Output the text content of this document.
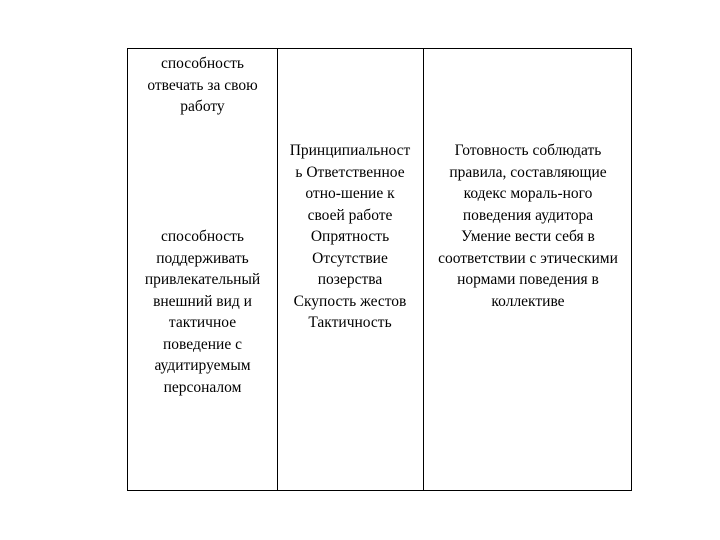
способность
отвечать за свою
работу
способность
поддерживать
привлекательный
внешний вид и
тактичное
поведение с
аудитируемым
персоналом
Принципиальност
ь Ответственное
отно-шение к
своей работе
Опрятность
Отсутствие
позерства
Скупость жестов
Тактичность
Готовность соблюдать
правила, составляющие
кодекс мораль-ного
поведения аудитора
Умение вести себя в
соответствии с этическими
нормами поведения в
коллективе
